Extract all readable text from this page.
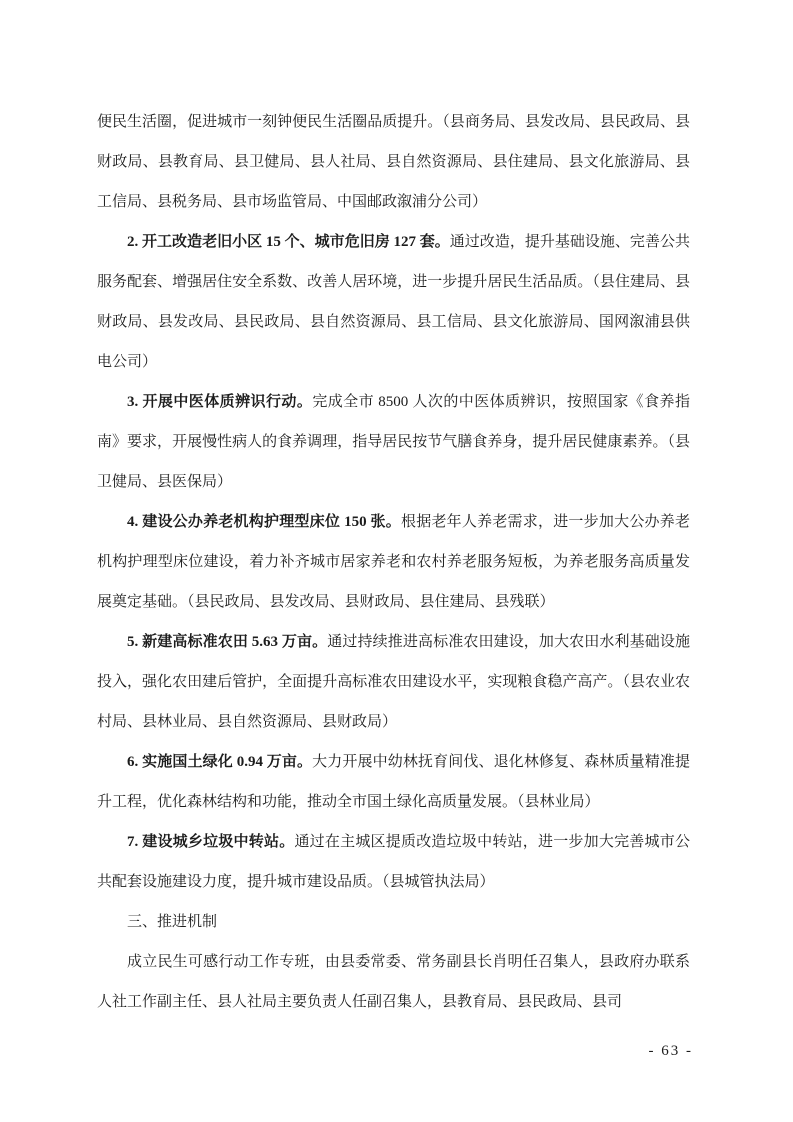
便民生活圈，促进城市一刻钟便民生活圈品质提升。（县商务局、县发改局、县民政局、县财政局、县教育局、县卫健局、县人社局、县自然资源局、县住建局、县文化旅游局、县工信局、县税务局、县市场监管局、中国邮政溆浦分公司）

2. 开工改造老旧小区 15 个、城市危旧房 127 套。通过改造，提升基础设施、完善公共服务配套、增强居住安全系数、改善人居环境，进一步提升居民生活品质。（县住建局、县财政局、县发改局、县民政局、县自然资源局、县工信局、县文化旅游局、国网溆浦县供电公司）

3. 开展中医体质辨识行动。完成全市 8500 人次的中医体质辨识，按照国家《食养指南》要求，开展慢性病人的食养调理，指导居民按节气膳食养身，提升居民健康素养。（县卫健局、县医保局）

4. 建设公办养老机构护理型床位 150 张。根据老年人养老需求，进一步加大公办养老机构护理型床位建设，着力补齐城市居家养老和农村养老服务短板，为养老服务高质量发展奠定基础。（县民政局、县发改局、县财政局、县住建局、县残联）

5. 新建高标准农田 5.63 万亩。通过持续推进高标准农田建设，加大农田水利基础设施投入，强化农田建后管护，全面提升高标准农田建设水平，实现粮食稳产高产。（县农业农村局、县林业局、县自然资源局、县财政局）

6. 实施国土绿化 0.94 万亩。大力开展中幼林抚育间伐、退化林修复、森林质量精准提升工程，优化森林结构和功能，推动全市国土绿化高质量发展。（县林业局）

7. 建设城乡垃圾中转站。通过在主城区提质改造垃圾中转站，进一步加大完善城市公共配套设施建设力度，提升城市建设品质。（县城管执法局）

三、推进机制

成立民生可感行动工作专班，由县委常委、常务副县长肖明任召集人，县政府办联系人社工作副主任、县人社局主要负责人任副召集人，县教育局、县民政局、县司

- 63 -
